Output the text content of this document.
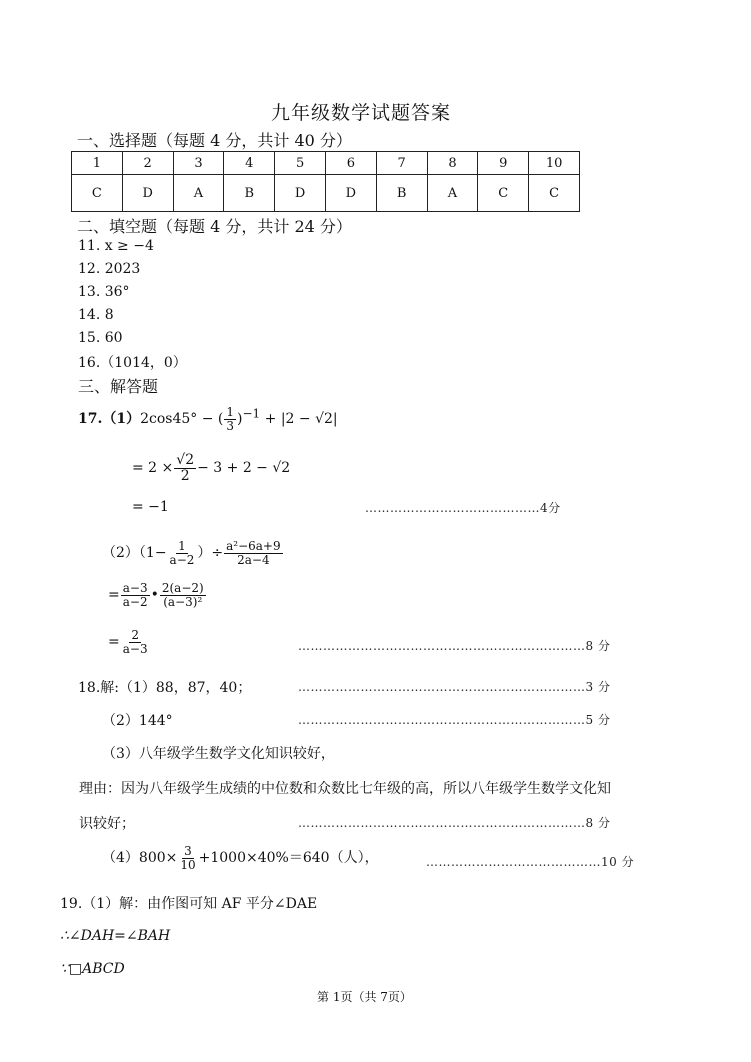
九年级数学试题答案
一、选择题（每题 4 分，共计 40 分）
1	2	3	4	5	6	7	8	9	10
C	D	A	B	D	D	B	A	C	C
二、填空题（每题 4 分，共计 24 分）
11. x ≥ −4
12. 2023
13. 36°
14. 8
15. 60
16.（1014，0）
三、解答题
17.（1）2cos45° − ( $\frac{1}{3} )^{-1} + |2 - √2|$
= $2 \times \frac{√2}{2} - 3 + 2 - √2$
= −1	……………………………………4分
$(2)(1- \frac{1}{a-2}$ ）÷ $\frac{\text{a²−6a+9}}{2a-4}$
= $\frac{a-3}{a-2}$ • $\frac{2(a-2)}{\text{(a−3)²}}$
= $\frac{2}{a-3}$	……………………………………………………………8 分
18.解:（1）88，87，40；	……………………………………………………………3 分
（2）144°	……………………………………………………………5 分
（3）八年级学生数学文化知识较好，
理由：因为八年级学生成绩的中位数和众数比七年级的高，所以八年级学生数学文化知
识较好；	……………………………………………………………8 分
$(4)800\times \frac{3}{10} +1000\times 40\%=640$（人），	……………………………………10 分
19.（1）解：由作图可知 AF 平分∠DAE
∴∠DAH=∠BAH
∵□ABCD
第 1页（共 7页）
